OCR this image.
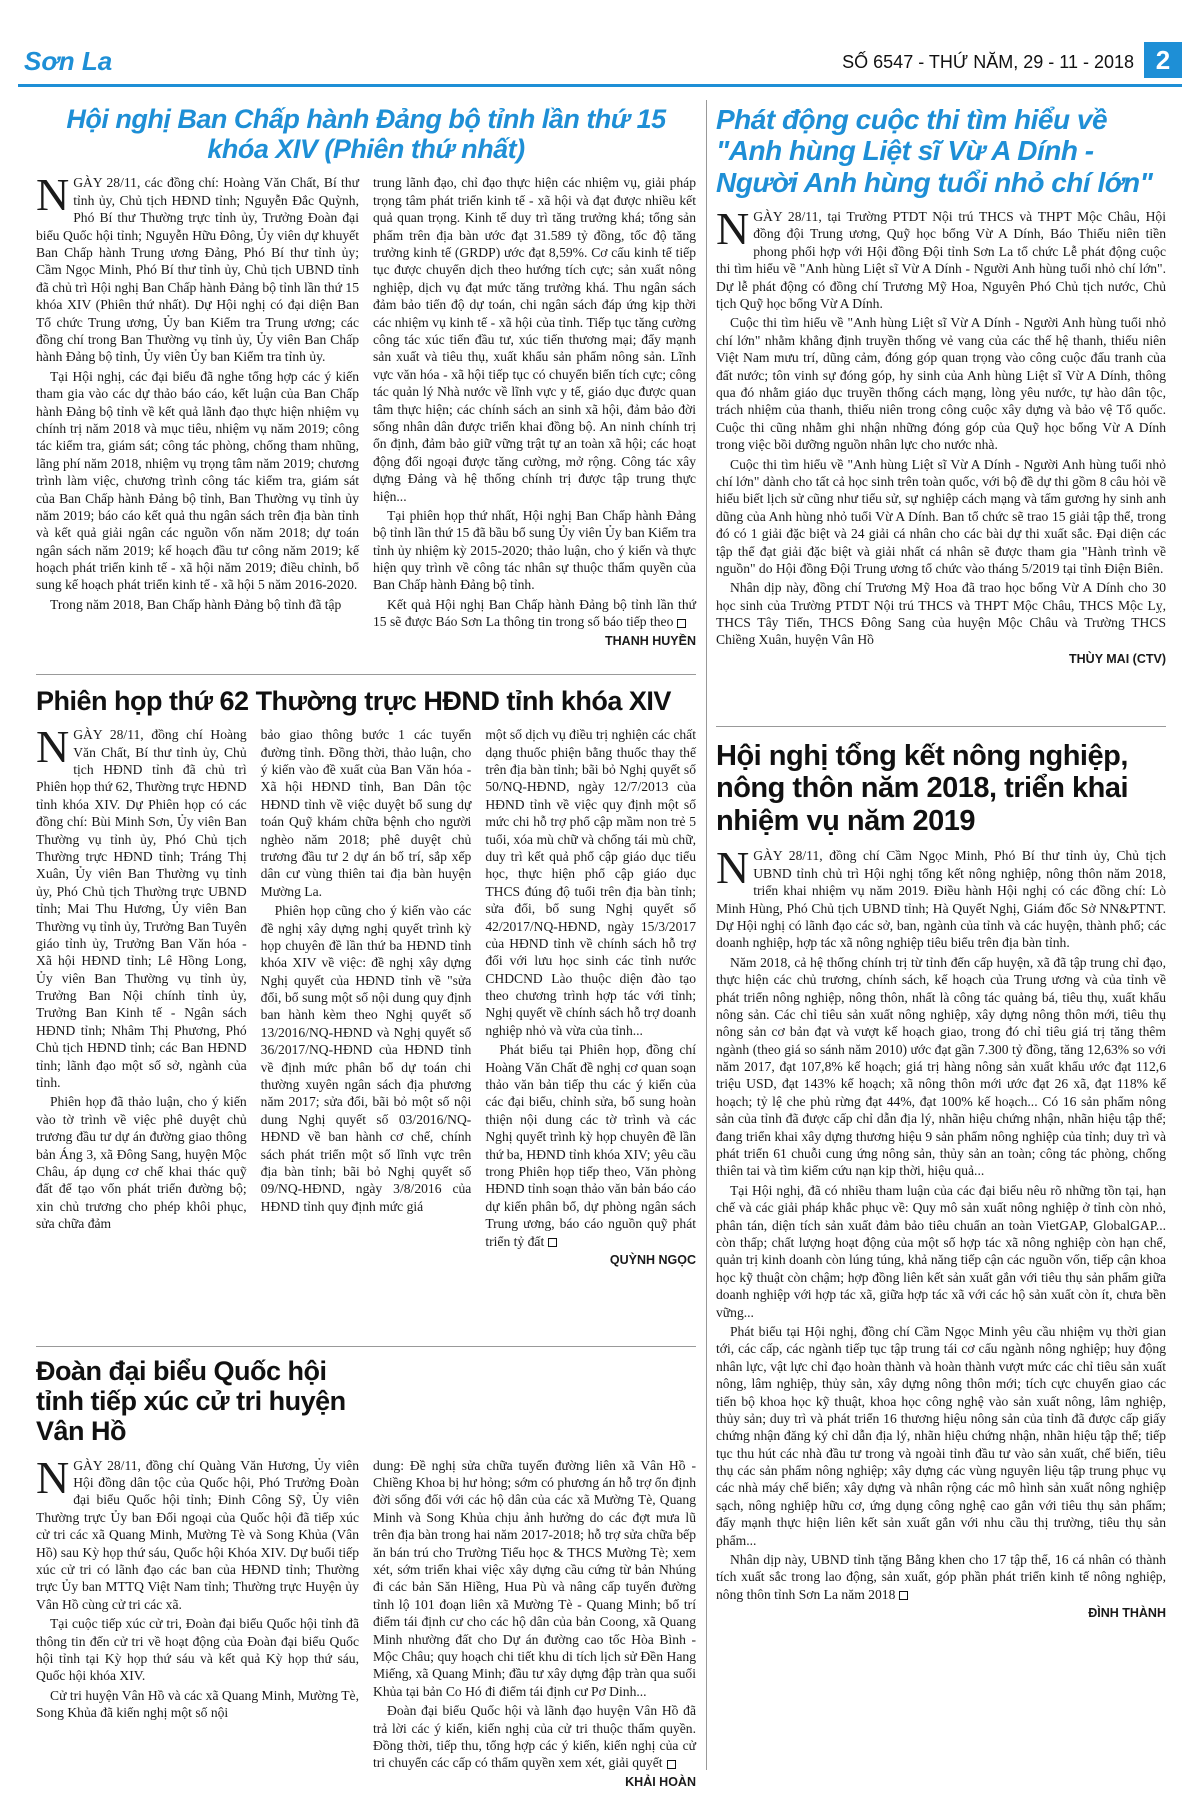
Sơn La	SỐ 6547 - THỨ NĂM, 29 - 11 - 2018 2
Hội nghị Ban Chấp hành Đảng bộ tỉnh lần thứ 15 khóa XIV (Phiên thứ nhất)

NGÀY 28/11, các đồng chí: Hoàng Văn Chất, Bí thư tỉnh ủy, Chủ tịch HĐND tỉnh; Nguyễn Đắc Quỳnh, Phó Bí thư Thường trực tỉnh ủy, Trưởng Đoàn đại biểu Quốc hội tỉnh; Nguyễn Hữu Đông, Ủy viên dự khuyết Ban Chấp hành Trung ương Đảng, Phó Bí thư tỉnh ủy; Cầm Ngọc Minh, Phó Bí thư tỉnh ủy, Chủ tịch UBND tỉnh đã chủ trì Hội nghị Ban Chấp hành Đảng bộ tỉnh lần thứ 15 khóa XIV (Phiên thứ nhất). Dự Hội nghị có đại diện Ban Tổ chức Trung ương, Ủy ban Kiểm tra Trung ương; các đồng chí trong Ban Thường vụ tỉnh ủy, Ủy viên Ban Chấp hành Đảng bộ tỉnh, Ủy viên Ủy ban Kiểm tra tỉnh ủy.

Tại Hội nghị, các đại biểu đã nghe tổng hợp các ý kiến tham gia vào các dự thảo báo cáo, kết luận của Ban Chấp hành Đảng bộ tỉnh về kết quả lãnh đạo thực hiện nhiệm vụ chính trị năm 2018 và mục tiêu, nhiệm vụ năm 2019; công tác kiểm tra, giám sát; công tác phòng, chống tham nhũng, lãng phí năm 2018, nhiệm vụ trọng tâm năm 2019; chương trình làm việc, chương trình công tác kiểm tra, giám sát của Ban Chấp hành Đảng bộ tỉnh, Ban Thường vụ tỉnh ủy năm 2019; báo cáo kết quả thu ngân sách trên địa bàn tỉnh và kết quả giải ngân các nguồn vốn năm 2018; dự toán ngân sách năm 2019; kế hoạch đầu tư công năm 2019; kế hoạch phát triển kinh tế - xã hội năm 2019; điều chỉnh, bổ sung kế hoạch phát triển kinh tế - xã hội 5 năm 2016-2020.

Trong năm 2018, Ban Chấp hành Đảng bộ tỉnh đã tập

trung lãnh đạo, chỉ đạo thực hiện các nhiệm vụ, giải pháp trọng tâm phát triển kinh tế - xã hội và đạt được nhiều kết quả quan trọng. Kinh tế duy trì tăng trưởng khá; tổng sản phẩm trên địa bàn ước đạt 31.589 tỷ đồng, tốc độ tăng trưởng kinh tế (GRDP) ước đạt 8,59%. Cơ cấu kinh tế tiếp tục được chuyển dịch theo hướng tích cực; sản xuất nông nghiệp, dịch vụ đạt mức tăng trưởng khá. Thu ngân sách đảm bảo tiến độ dự toán, chi ngân sách đáp ứng kịp thời các nhiệm vụ kinh tế - xã hội của tỉnh. Tiếp tục tăng cường công tác xúc tiến đầu tư, xúc tiến thương mại; đẩy mạnh sản xuất và tiêu thụ, xuất khẩu sản phẩm nông sản. Lĩnh vực văn hóa - xã hội tiếp tục có chuyển biến tích cực; công tác quản lý Nhà nước về lĩnh vực y tế, giáo dục được quan tâm thực hiện; các chính sách an sinh xã hội, đảm bảo đời sống nhân dân được triển khai đồng bộ. An ninh chính trị ổn định, đảm bảo giữ vững trật tự an toàn xã hội; các hoạt động đối ngoại được tăng cường, mở rộng. Công tác xây dựng Đảng và hệ thống chính trị được tập trung thực hiện...

Tại phiên họp thứ nhất, Hội nghị Ban Chấp hành Đảng bộ tỉnh lần thứ 15 đã bầu bổ sung Ủy viên Ủy ban Kiểm tra tỉnh ủy nhiệm kỳ 2015-2020; thảo luận, cho ý kiến và thực hiện quy trình về công tác nhân sự thuộc thẩm quyền của Ban Chấp hành Đảng bộ tỉnh.

Kết quả Hội nghị Ban Chấp hành Đảng bộ tỉnh lần thứ 15 sẽ được Báo Sơn La thông tin trong số báo tiếp theo

THANH HUYỀN
Phát động cuộc thi tìm hiểu về "Anh hùng Liệt sĩ Vừ A Dính - Người Anh hùng tuổi nhỏ chí lớn"

NGÀY 28/11, tại Trường PTDT Nội trú THCS và THPT Mộc Châu, Hội đồng đội Trung ương, Quỹ học bổng Vừ A Dính, Báo Thiếu niên tiền phong phối hợp với Hội đồng Đội tỉnh Sơn La tổ chức Lễ phát động cuộc thi tìm hiểu về "Anh hùng Liệt sĩ Vừ A Dính - Người Anh hùng tuổi nhỏ chí lớn". Dự lễ phát động có đồng chí Trương Mỹ Hoa, Nguyên Phó Chủ tịch nước, Chủ tịch Quỹ học bổng Vừ A Dính.

Cuộc thi tìm hiểu về "Anh hùng Liệt sĩ Vừ A Dính - Người Anh hùng tuổi nhỏ chí lớn" nhằm khẳng định truyền thống vẻ vang của các thế hệ thanh, thiếu niên Việt Nam mưu trí, dũng cảm, đóng góp quan trọng vào công cuộc đấu tranh của đất nước; tôn vinh sự đóng góp, hy sinh của Anh hùng Liệt sĩ Vừ A Dính, thông qua đó nhằm giáo dục truyền thống cách mạng, lòng yêu nước, tự hào dân tộc, trách nhiệm của thanh, thiếu niên trong công cuộc xây dựng và bảo vệ Tổ quốc. Cuộc thi cũng nhằm ghi nhận những đóng góp của Quỹ học bổng Vừ A Dính trong việc bồi dưỡng nguồn nhân lực cho nước nhà.

Cuộc thi tìm hiểu về "Anh hùng Liệt sĩ Vừ A Dính - Người Anh hùng tuổi nhỏ chí lớn" dành cho tất cả học sinh trên toàn quốc, với bộ đề dự thi gồm 8 câu hỏi về hiểu biết lịch sử cũng như tiểu sử, sự nghiệp cách mạng và tấm gương hy sinh anh dũng của Anh hùng nhỏ tuổi Vừ A Dính. Ban tổ chức sẽ trao 15 giải tập thể, trong đó có 1 giải đặc biệt và 24 giải cá nhân cho các bài dự thi xuất sắc. Đại diện các tập thể đạt giải đặc biệt và giải nhất cá nhân sẽ được tham gia "Hành trình về nguồn" do Hội đồng Đội Trung ương tổ chức vào tháng 5/2019 tại tỉnh Điện Biên.

Nhân dịp này, đồng chí Trương Mỹ Hoa đã trao học bổng Vừ A Dính cho 30 học sinh của Trường PTDT Nội trú THCS và THPT Mộc Châu, THCS Mộc Lỵ, THCS Tây Tiến, THCS Đông Sang của huyện Mộc Châu và Trường THCS Chiềng Xuân, huyện Vân Hồ

THÙY MAI (CTV)
Phiên họp thứ 62 Thường trực HĐND tỉnh khóa XIV

NGÀY 28/11, đồng chí Hoàng Văn Chất, Bí thư tỉnh ủy, Chủ tịch HĐND tỉnh đã chủ trì Phiên họp thứ 62, Thường trực HĐND tỉnh khóa XIV. Dự Phiên họp có các đồng chí: Bùi Minh Sơn, Ủy viên Ban Thường vụ tỉnh ủy, Phó Chủ tịch Thường trực HĐND tỉnh; Tráng Thị Xuân, Ủy viên Ban Thường vụ tỉnh ủy, Phó Chủ tịch Thường trực UBND tỉnh; Mai Thu Hương, Ủy viên Ban Thường vụ tỉnh ủy, Trưởng Ban Tuyên giáo tỉnh ủy, Trưởng Ban Văn hóa - Xã hội HĐND tỉnh; Lê Hồng Long, Ủy viên Ban Thường vụ tỉnh ủy, Trưởng Ban Nội chính tỉnh ủy, Trưởng Ban Kinh tế - Ngân sách HĐND tỉnh; Nhâm Thị Phương, Phó Chủ tịch HĐND tỉnh; các Ban HĐND tỉnh; lãnh đạo một số sở, ngành của tỉnh.

Phiên họp đã thảo luận, cho ý kiến vào tờ trình về việc phê duyệt chủ trương đầu tư dự án đường giao thông bản Áng 3, xã Đông Sang, huyện Mộc Châu, áp dụng cơ chế khai thác quỹ đất để tạo vốn phát triển đường bộ; xin chủ trương cho phép khôi phục, sửa chữa đảm

bảo giao thông bước 1 các tuyến đường tỉnh. Đồng thời, thảo luận, cho ý kiến vào đề xuất của Ban Văn hóa - Xã hội HĐND tỉnh, Ban Dân tộc HĐND tỉnh về việc duyệt bổ sung dự toán Quỹ khám chữa bệnh cho người nghèo năm 2018; phê duyệt chủ trương đầu tư 2 dự án bố trí, sắp xếp dân cư vùng thiên tai địa bàn huyện Mường La.

Phiên họp cũng cho ý kiến vào các đề nghị xây dựng nghị quyết trình kỳ họp chuyên đề lần thứ ba HĐND tỉnh khóa XIV về việc: đề nghị xây dựng Nghị quyết của HĐND tỉnh về "sửa đổi, bổ sung một số nội dung quy định ban hành kèm theo Nghị quyết số 13/2016/NQ-HĐND và Nghị quyết số 36/2017/NQ-HĐND của HĐND tỉnh về định mức phân bổ dự toán chi thường xuyên ngân sách địa phương năm 2017; sửa đổi, bãi bỏ một số nội dung Nghị quyết số 03/2016/NQ-HĐND về ban hành cơ chế, chính sách phát triển một số lĩnh vực trên địa bàn tỉnh; bãi bỏ Nghị quyết số 09/NQ-HĐND, ngày 3/8/2016 của HĐND tỉnh quy định mức giá

một số dịch vụ điều trị nghiện các chất dạng thuốc phiện bằng thuốc thay thế trên địa bàn tỉnh; bãi bỏ Nghị quyết số 50/NQ-HĐND, ngày 12/7/2013 của HĐND tỉnh về việc quy định một số mức chi hỗ trợ phổ cập mầm non trẻ 5 tuổi, xóa mù chữ và chống tái mù chữ, duy trì kết quả phổ cập giáo dục tiểu học, thực hiện phổ cập giáo dục THCS đúng độ tuổi trên địa bàn tỉnh; sửa đổi, bổ sung Nghị quyết số 42/2017/NQ-HĐND, ngày 15/3/2017 của HĐND tỉnh về chính sách hỗ trợ đối với lưu học sinh các tỉnh nước CHDCND Lào thuộc diện đào tạo theo chương trình hợp tác với tỉnh; Nghị quyết về chính sách hỗ trợ doanh nghiệp nhỏ và vừa của tỉnh...

Phát biểu tại Phiên họp, đồng chí Hoàng Văn Chất đề nghị cơ quan soạn thảo văn bản tiếp thu các ý kiến của các đại biểu, chỉnh sửa, bổ sung hoàn thiện nội dung các tờ trình và các Nghị quyết trình kỳ họp chuyên đề lần thứ ba, HĐND tỉnh khóa XIV; yêu cầu trong Phiên họp tiếp theo, Văn phòng HĐND tỉnh soạn thảo văn bản báo cáo dự kiến phân bổ, dự phòng ngân sách Trung ương, báo cáo nguồn quỹ phát triển tỷ đất

QUỲNH NGỌC
Hội nghị tổng kết nông nghiệp, nông thôn năm 2018, triển khai nhiệm vụ năm 2019

NGÀY 28/11, đồng chí Cầm Ngọc Minh, Phó Bí thư tỉnh ủy, Chủ tịch UBND tỉnh chủ trì Hội nghị tổng kết nông nghiệp, nông thôn năm 2018, triển khai nhiệm vụ năm 2019. Điều hành Hội nghị có các đồng chí: Lò Minh Hùng, Phó Chủ tịch UBND tỉnh; Hà Quyết Nghị, Giám đốc Sở NN&PTNT. Dự Hội nghị có lãnh đạo các sở, ban, ngành của tỉnh và các huyện, thành phố; các doanh nghiệp, hợp tác xã nông nghiệp tiêu biểu trên địa bàn tỉnh.

Năm 2018, cả hệ thống chính trị từ tỉnh đến cấp huyện, xã đã tập trung chỉ đạo, thực hiện các chủ trương, chính sách, kế hoạch của Trung ương và của tỉnh về phát triển nông nghiệp, nông thôn, nhất là công tác quảng bá, tiêu thụ, xuất khẩu nông sản. Các chỉ tiêu sản xuất nông nghiệp, xây dựng nông thôn mới, tiêu thụ nông sản cơ bản đạt và vượt kế hoạch giao, trong đó chỉ tiêu giá trị tăng thêm ngành (theo giá so sánh năm 2010) ước đạt gần 7.300 tỷ đồng, tăng 12,63% so với năm 2017, đạt 107,8% kế hoạch; giá trị hàng nông sản xuất khẩu ước đạt 112,6 triệu USD, đạt 143% kế hoạch; xã nông thôn mới ước đạt 26 xã, đạt 118% kế hoạch; tỷ lệ che phủ rừng đạt 44%, đạt 100% kế hoạch... Có 16 sản phẩm nông sản của tỉnh đã được cấp chỉ dẫn địa lý, nhãn hiệu chứng nhận, nhãn hiệu tập thể; đang triển khai xây dựng thương hiệu 9 sản phẩm nông nghiệp của tỉnh; duy trì và phát triển 61 chuỗi cung ứng nông sản, thủy sản an toàn; công tác phòng, chống thiên tai và tìm kiếm cứu nạn kịp thời, hiệu quả...

Tại Hội nghị, đã có nhiều tham luận của các đại biểu nêu rõ những tồn tại, hạn chế và các giải pháp khắc phục về: Quy mô sản xuất nông nghiệp ở tỉnh còn nhỏ, phân tán, diện tích sản xuất đảm bảo tiêu chuẩn an toàn VietGAP, GlobalGAP... còn thấp; chất lượng hoạt động của một số hợp tác xã nông nghiệp còn hạn chế, quản trị kinh doanh còn lúng túng, khả năng tiếp cận các nguồn vốn, tiếp cận khoa học kỹ thuật còn chậm; hợp đồng liên kết sản xuất gắn với tiêu thụ sản phẩm giữa doanh nghiệp với hợp tác xã, giữa hợp tác xã với các hộ sản xuất còn ít, chưa bền vững...

Phát biểu tại Hội nghị, đồng chí Cầm Ngọc Minh yêu cầu nhiệm vụ thời gian tới, các cấp, các ngành tiếp tục tập trung tái cơ cấu ngành nông nghiệp; huy động nhân lực, vật lực chỉ đạo hoàn thành và hoàn thành vượt mức các chỉ tiêu sản xuất nông, lâm nghiệp, thủy sản, xây dựng nông thôn mới; tích cực chuyển giao các tiến bộ khoa học kỹ thuật, khoa học công nghệ vào sản xuất nông, lâm nghiệp, thủy sản; duy trì và phát triển 16 thương hiệu nông sản của tỉnh đã được cấp giấy chứng nhận đăng ký chỉ dẫn địa lý, nhãn hiệu chứng nhận, nhãn hiệu tập thể; tiếp tục thu hút các nhà đầu tư trong và ngoài tỉnh đầu tư vào sản xuất, chế biến, tiêu thụ các sản phẩm nông nghiệp; xây dựng các vùng nguyên liệu tập trung phục vụ các nhà máy chế biến; xây dựng và nhân rộng các mô hình sản xuất nông nghiệp sạch, nông nghiệp hữu cơ, ứng dụng công nghệ cao gắn với tiêu thụ sản phẩm; đẩy mạnh thực hiện liên kết sản xuất gắn với nhu cầu thị trường, tiêu thụ sản phẩm...

Nhân dịp này, UBND tỉnh tặng Bằng khen cho 17 tập thể, 16 cá nhân có thành tích xuất sắc trong lao động, sản xuất, góp phần phát triển kinh tế nông nghiệp, nông thôn tỉnh Sơn La năm 2018

ĐÌNH THÀNH
Đoàn đại biểu Quốc hội tỉnh tiếp xúc cử tri huyện Vân Hồ

NGÀY 28/11, đồng chí Quàng Văn Hương, Ủy viên Hội đồng dân tộc của Quốc hội, Phó Trưởng Đoàn đại biểu Quốc hội tỉnh; Đinh Công Sỹ, Ủy viên Thường trực Ủy ban Đối ngoại của Quốc hội đã tiếp xúc cử tri các xã Quang Minh, Mường Tè và Song Khủa (Vân Hồ) sau Kỳ họp thứ sáu, Quốc hội Khóa XIV. Dự buổi tiếp xúc cử tri có lãnh đạo các ban của HĐND tỉnh; Thường trực Ủy ban MTTQ Việt Nam tỉnh; Thường trực Huyện ủy Vân Hồ cùng cử tri các xã.

Tại cuộc tiếp xúc cử tri, Đoàn đại biểu Quốc hội tỉnh đã thông tin đến cử tri về hoạt động của Đoàn đại biểu Quốc hội tỉnh tại Kỳ họp thứ sáu và kết quả Kỳ họp thứ sáu, Quốc hội khóa XIV.

Cử tri huyện Vân Hồ và các xã Quang Minh, Mường Tè, Song Khủa đã kiến nghị một số nội

dung: Đề nghị sửa chữa tuyến đường liên xã Vân Hồ - Chiềng Khoa bị hư hỏng; sớm có phương án hỗ trợ ổn định đời sống đối với các hộ dân của các xã Mường Tè, Quang Minh và Song Khủa chịu ảnh hưởng do các đợt mưa lũ trên địa bàn trong hai năm 2017-2018; hỗ trợ sửa chữa bếp ăn bán trú cho Trường Tiểu học & THCS Mường Tè; xem xét, sớm triển khai việc xây dựng cầu cứng từ bản Nhúng đi các bản Săn Hiềng, Hua Pù và nâng cấp tuyến đường tỉnh lộ 101 đoạn liên xã Mường Tè - Quang Minh; bố trí điểm tái định cư cho các hộ dân của bản Coong, xã Quang Minh nhường đất cho Dự án đường cao tốc Hòa Bình - Mộc Châu; quy hoạch chi tiết khu di tích lịch sử Đền Hang Miếng, xã Quang Minh; đầu tư xây dựng đập tràn qua suối Khủa tại bản Co Hó đi điểm tái định cư Pơ Dinh...

Đoàn đại biểu Quốc hội và lãnh đạo huyện Vân Hồ đã trả lời các ý kiến, kiến nghị của cử tri thuộc thẩm quyền. Đồng thời, tiếp thu, tổng hợp các ý kiến, kiến nghị của cử tri chuyển các cấp có thẩm quyền xem xét, giải quyết

KHẢI HOÀN
